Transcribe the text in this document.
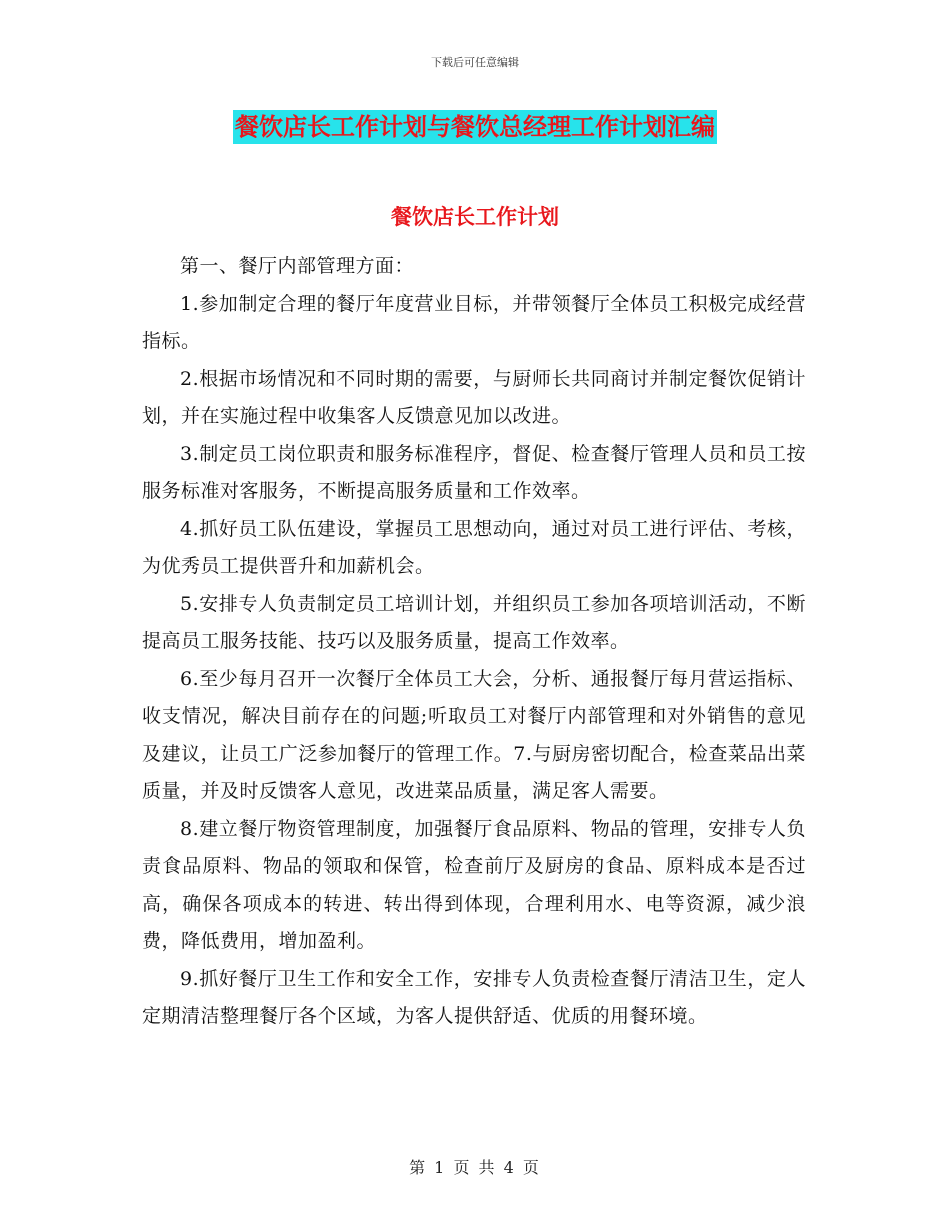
下载后可任意编辑
餐饮店长工作计划与餐饮总经理工作计划汇编
餐饮店长工作计划

第一、餐厅内部管理方面：

1.参加制定合理的餐厅年度营业目标，并带领餐厅全体员工积极完成经营指标。

2.根据市场情况和不同时期的需要，与厨师长共同商讨并制定餐饮促销计划，并在实施过程中收集客人反馈意见加以改进。

3.制定员工岗位职责和服务标准程序，督促、检查餐厅管理人员和员工按服务标准对客服务，不断提高服务质量和工作效率。

4.抓好员工队伍建设，掌握员工思想动向，通过对员工进行评估、考核，为优秀员工提供晋升和加薪机会。

5.安排专人负责制定员工培训计划，并组织员工参加各项培训活动，不断提高员工服务技能、技巧以及服务质量，提高工作效率。

6.至少每月召开一次餐厅全体员工大会，分析、通报餐厅每月营运指标、收支情况，解决目前存在的问题;听取员工对餐厅内部管理和对外销售的意见及建议，让员工广泛参加餐厅的管理工作。7.与厨房密切配合，检查菜品出菜质量，并及时反馈客人意见，改进菜品质量，满足客人需要。

8.建立餐厅物资管理制度，加强餐厅食品原料、物品的管理，安排专人负责食品原料、物品的领取和保管，检查前厅及厨房的食品、原料成本是否过高，确保各项成本的转进、转出得到体现，合理利用水、电等资源，减少浪费，降低费用，增加盈利。

9.抓好餐厅卫生工作和安全工作，安排专人负责检查餐厅清洁卫生，定人定期清洁整理餐厅各个区域，为客人提供舒适、优质的用餐环境。

第 1 页 共 4 页
